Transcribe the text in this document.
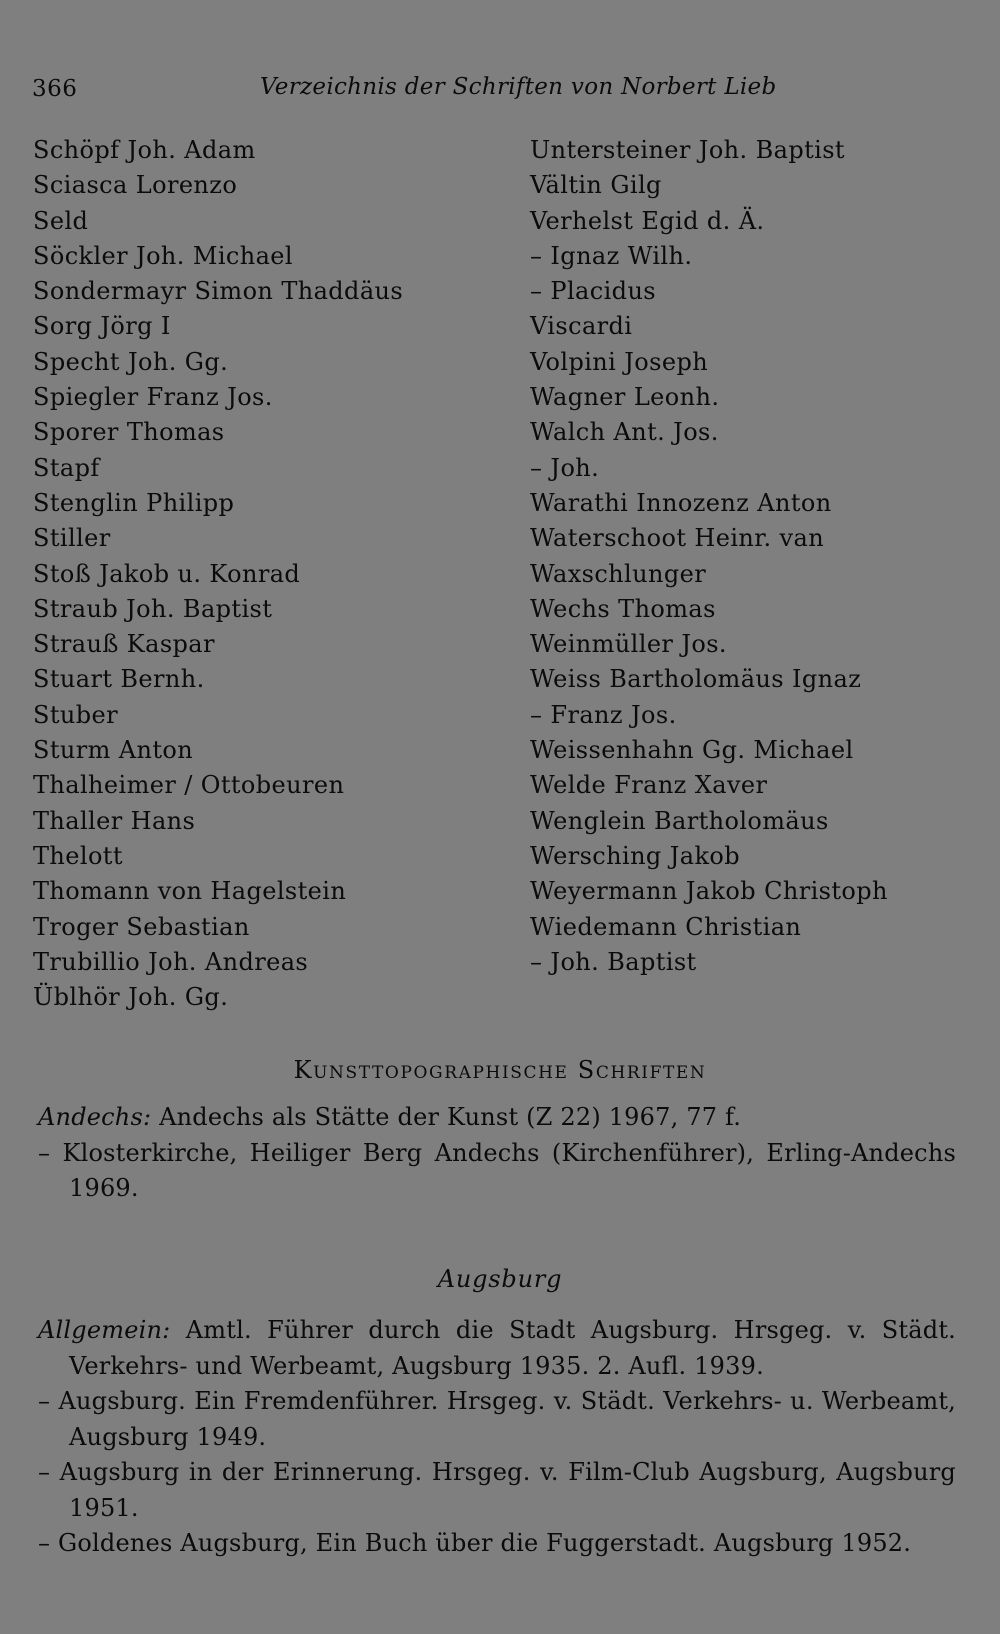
366	Verzeichnis der Schriften von Norbert Lieb
Schöpf Joh. Adam
Sciasca Lorenzo
Seld
Söckler Joh. Michael
Sondermayr Simon Thaddäus
Sorg Jörg I
Specht Joh. Gg.
Spiegler Franz Jos.
Sporer Thomas
Stapf
Stenglin Philipp
Stiller
Stoß Jakob u. Konrad
Straub Joh. Baptist
Strauß Kaspar
Stuart Bernh.
Stuber
Sturm Anton
Thalheimer / Ottobeuren
Thaller Hans
Thelott
Thomann von Hagelstein
Troger Sebastian
Trubillio Joh. Andreas
Üblhör Joh. Gg.
Untersteiner Joh. Baptist
Vältin Gilg
Verhelst Egid d. Ä.
– Ignaz Wilh.
– Placidus
Viscardi
Volpini Joseph
Wagner Leonh.
Walch Ant. Jos.
– Joh.
Warathi Innozenz Anton
Waterschoot Heinr. van
Waxschlunger
Wechs Thomas
Weinmüller Jos.
Weiss Bartholomäus Ignaz
– Franz Jos.
Weissenhahn Gg. Michael
Welde Franz Xaver
Wenglein Bartholomäus
Wersching Jakob
Weyermann Jakob Christoph
Wiedemann Christian
– Joh. Baptist
Kunsttopographische Schriften
Andechs: Andechs als Stätte der Kunst (Z 22) 1967, 77 f.
– Klosterkirche, Heiliger Berg Andechs (Kirchenführer), Erling-Andechs 1969.
Augsburg
Allgemein: Amtl. Führer durch die Stadt Augsburg. Hrsgeg. v. Städt. Verkehrs- und Werbeamt, Augsburg 1935. 2. Aufl. 1939.
– Augsburg. Ein Fremdenführer. Hrsgeg. v. Städt. Verkehrs- u. Werbeamt, Augsburg 1949.
– Augsburg in der Erinnerung. Hrsgeg. v. Film-Club Augsburg, Augsburg 1951.
– Goldenes Augsburg, Ein Buch über die Fuggerstadt. Augsburg 1952.
